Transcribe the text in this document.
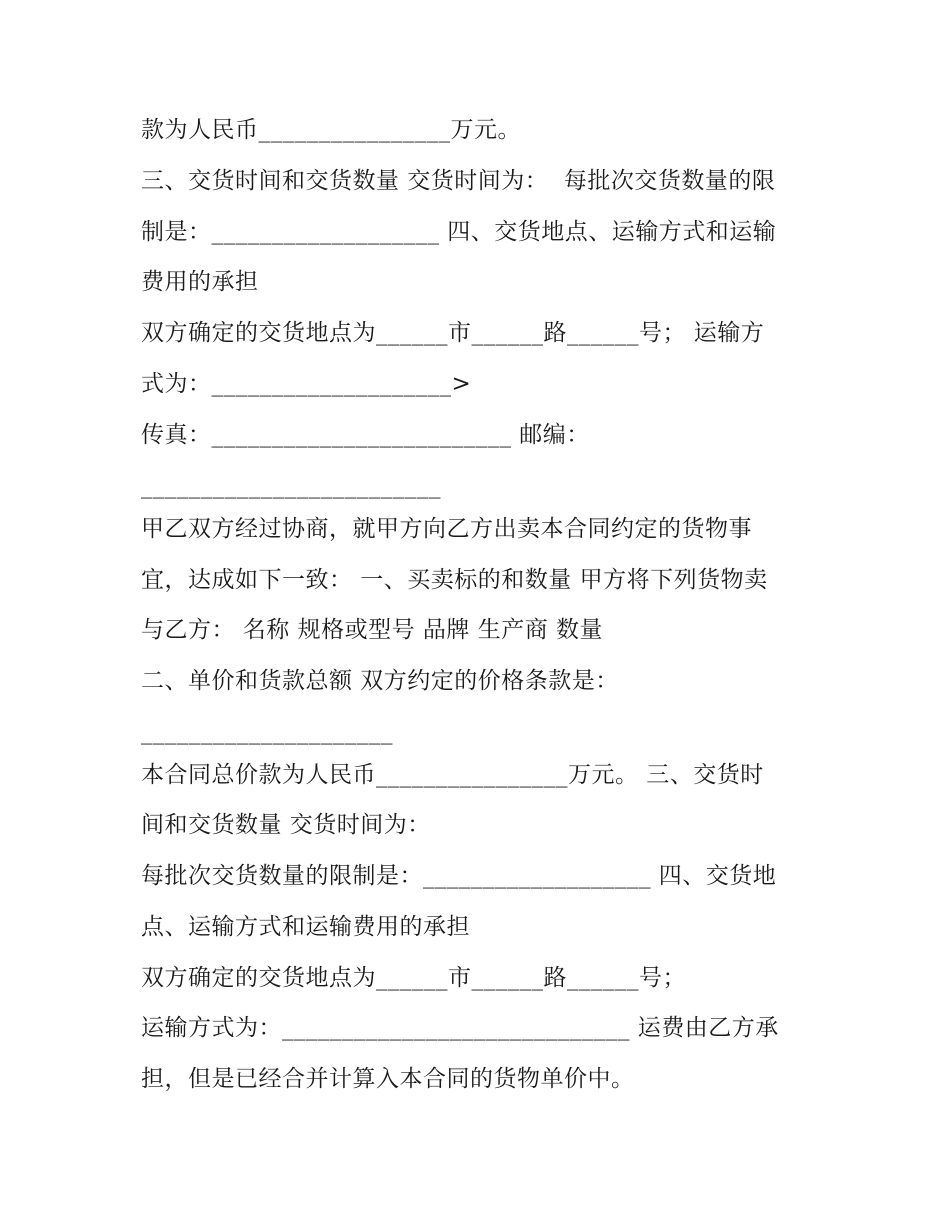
款为人民币________________万元。
三、交货时间和交货数量 交货时间为：  每批次交货数量的限
制是：___________________ 四、交货地点、运输方式和运输
费用的承担
双方确定的交货地点为______市______路______号； 运输方
式为：____________________>
传真：_________________________ 邮编：
_________________________
甲乙双方经过协商，就甲方向乙方出卖本合同约定的货物事
宜，达成如下一致： 一、买卖标的和数量 甲方将下列货物卖
与乙方： 名称 规格或型号 品牌 生产商 数量
二、单价和货款总额 双方约定的价格条款是：
_____________________
本合同总价款为人民币________________万元。 三、交货时
间和交货数量 交货时间为：
每批次交货数量的限制是：___________________ 四、交货地
点、运输方式和运输费用的承担
双方确定的交货地点为______市______路______号；
运输方式为：_____________________________ 运费由乙方承
担，但是已经合并计算入本合同的货物单价中。
